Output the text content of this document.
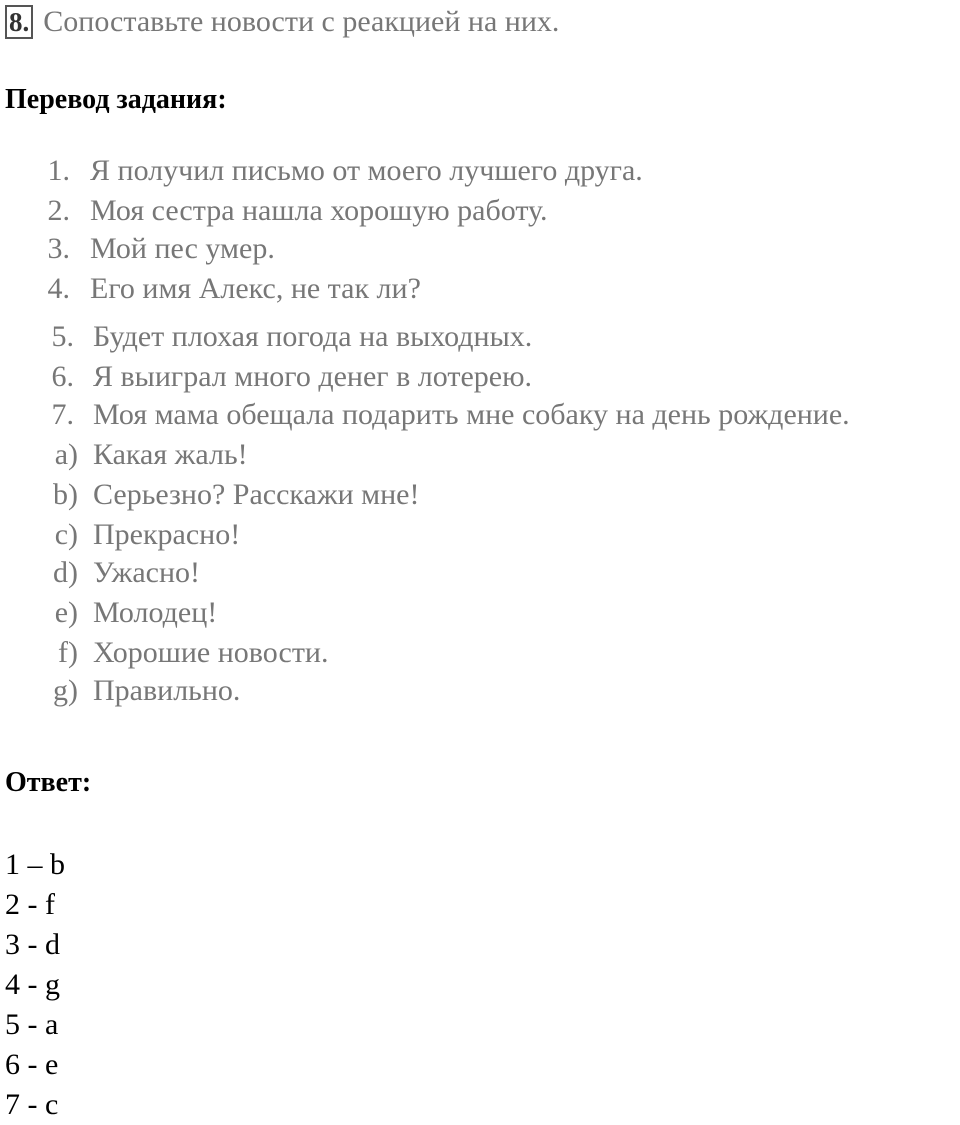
8. Сопоставьте новости с реакцией на них.
Перевод задания:
1. Я получил письмо от моего лучшего друга.
2. Моя сестра нашла хорошую работу.
3. Мой пес умер.
4. Его имя Алекс, не так ли?
5. Будет плохая погода на выходных.
6. Я выиграл много денег в лотерею.
7. Моя мама обещала подарить мне собаку на день рождение.
a) Какая жаль!
b) Серьезно? Расскажи мне!
c) Прекрасно!
d) Ужасно!
e) Молодец!
f) Хорошие новости.
g) Правильно.
Ответ:
1 – b
2 - f
3 - d
4 - g
5 - a
6 - e
7 - c
